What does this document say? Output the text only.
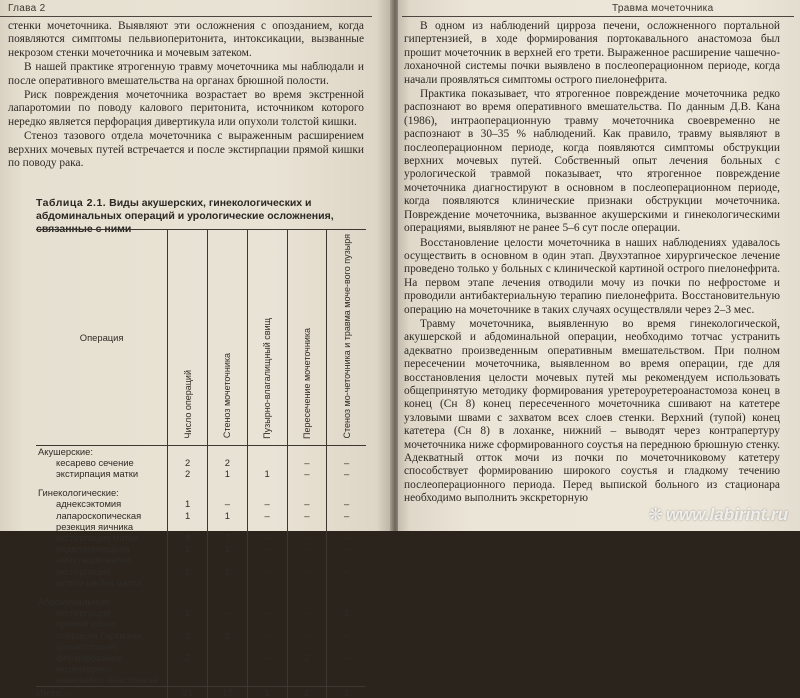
Глава 2

стенки мочеточника. Выявляют эти осложнения с опозданием, когда появляются симптомы пельвиоперитонита, интоксикации, вызванные некрозом стенки мочеточника и мочевым затеком.

В нашей практике ятрогенную травму мочеточника мы наблюдали и после оперативного вмешательства на органах брюшной полости.

Риск повреждения мочеточника возрастает во время экстренной лапаротомии по поводу калового перитонита, источником которого нередко является перфорация дивертикула или опухоли толстой кишки.

Стеноз тазового отдела мочеточника с выраженным расширением верхних мочевых путей встречается и после экстирпации прямой кишки по поводу рака.

Таблица 2.1. Виды акушерских, гинекологических и абдоминальных операций и урологические осложнения, связанные с ними
Операция	Число операций	Стеноз мочеточника	Пузырно-влагалищный свищ	Пересечение мочеточника	Стеноз мо-четочника и травма моче-вого пузыря
Акушерские:					
кесарево сечение	2	2		–	–
экстирпация матки	2	1	1	–	–

Гинекологические:					
аднексэктомия	1	–	–	–	–
лапароскопическая	1	1	–	–	–
резекция яичника					
экстирпация матки	8	7	–	–	–
надвлагалищная	1	1	–	–	–
ампутация матки					
экстирпация	1	1	–	–	–
культи шейки матки					

Абдоминальные:					
экстирпация	1	–	–	–	1
прямой кишки					
операция Гартмана	2	2	–	–	–
(сигмостомия)					
формирование	2		–	2	–
мезентерико-					
кавального анастомоза					
Итого...	21	17	1	2	1
Травма мочеточника

В одном из наблюдений цирроза печени, осложненного портальной гипертензией, в ходе формирования портокавального анастомоза был прошит мочеточник в верхней его трети. Выраженное расширение чашечно-лоханочной системы почки выявлено в послеоперационном периоде, когда начали проявляться симптомы острого пиелонефрита.

Практика показывает, что ятрогенное повреждение мочеточника редко распознают во время оперативного вмешательства. По данным Д.В. Кана (1986), интраоперационную травму мочеточника своевременно не распознают в 30–35 % наблюдений. Как правило, травму выявляют в послеоперационном периоде, когда появляются симптомы обструкции верхних мочевых путей. Собственный опыт лечения больных с урологической травмой показывает, что ятрогенное повреждение мочеточника диагностируют в основном в послеоперационном периоде, когда появляются клинические признаки обструкции мочеточника. Повреждение мочеточника, вызванное акушерскими и гинекологическими операциями, выявляют не ранее 5–6 сут после операции.

Восстановление целости мочеточника в наших наблюдениях удавалось осуществить в основном в один этап. Двухэтапное хирургическое лечение проведено только у больных с клинической картиной острого пиелонефрита. На первом этапе лечения отводили мочу из почки по нефростоме и проводили антибактериальную терапию пиелонефрита. Восстановительную операцию на мочеточнике в таких случаях осуществляли через 2–3 мес.

Травму мочеточника, выявленную во время гинекологической, акушерской и абдоминальной операции, необходимо тотчас устранить адекватно произведенным оперативным вмешательством. При полном пересечении мочеточника, выявленном во время операции, где для восстановления целости мочевых путей мы рекомендуем использовать общепринятую методику формирования уретероуретероанастомоза конец в конец (Сн 8) конец пересеченного мочеточника сшивают на катетере узловыми швами с захватом всех слоев стенки. Верхний (тупой) конец катетера (Сн 8) в лоханке, нижний – выводят через контрапертуру мочеточника ниже сформированного соустья на переднюю брюшную стенку. Адекватный отток мочи из почки по мочеточниковому катетеру способствует формированию широкого соустья и гладкому течению послеоперационного периода. Перед выпиской больного из стационара необходимо выполнить экскреторную

❋ www.labirint.ru
